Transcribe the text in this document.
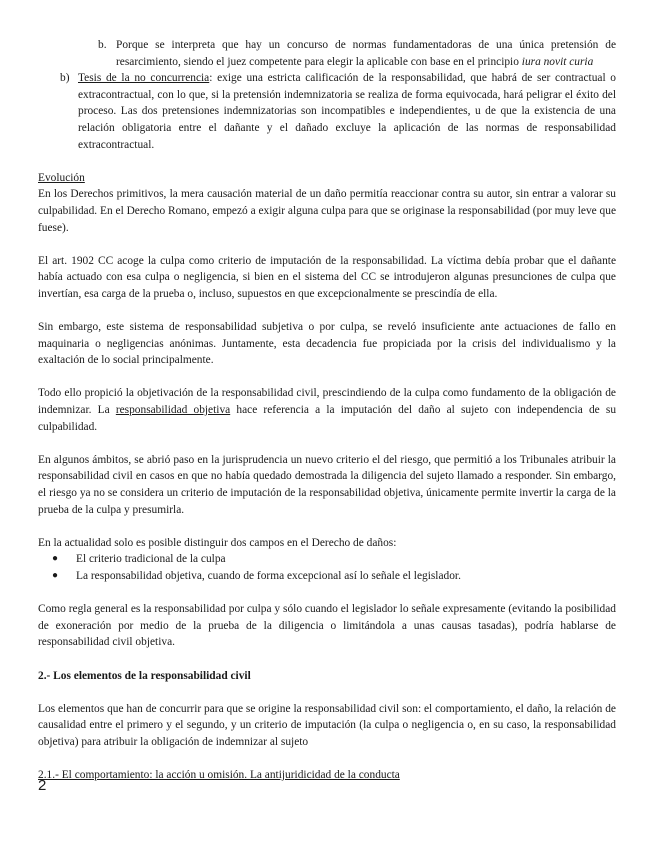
b. Porque se interpreta que hay un concurso de normas fundamentadoras de una única pretensión de resarcimiento, siendo el juez competente para elegir la aplicable con base en el principio iura novit curia

b) Tesis de la no concurrencia: exige una estricta calificación de la responsabilidad, que habrá de ser contractual o extracontractual, con lo que, si la pretensión indemnizatoria se realiza de forma equivocada, hará peligrar el éxito del proceso. Las dos pretensiones indemnizatorias son incompatibles e independientes, u de que la existencia de una relación obligatoria entre el dañante y el dañado excluye la aplicación de las normas de responsabilidad extracontractual.

Evolución

En los Derechos primitivos, la mera causación material de un daño permitía reaccionar contra su autor, sin entrar a valorar su culpabilidad. En el Derecho Romano, empezó a exigir alguna culpa para que se originase la responsabilidad (por muy leve que fuese).

El art. 1902 CC acoge la culpa como criterio de imputación de la responsabilidad. La víctima debía probar que el dañante había actuado con esa culpa o negligencia, si bien en el sistema del CC se introdujeron algunas presunciones de culpa que invertían, esa carga de la prueba o, incluso, supuestos en que excepcionalmente se prescindía de ella.

Sin embargo, este sistema de responsabilidad subjetiva o por culpa, se reveló insuficiente ante actuaciones de fallo en maquinaria o negligencias anónimas. Juntamente, esta decadencia fue propiciada por la crisis del individualismo y la exaltación de lo social principalmente.

Todo ello propició la objetivación de la responsabilidad civil, prescindiendo de la culpa como fundamento de la obligación de indemnizar. La responsabilidad objetiva hace referencia a la imputación del daño al sujeto con independencia de su culpabilidad.

En algunos ámbitos, se abrió paso en la jurisprudencia un nuevo criterio el del riesgo, que permitió a los Tribunales atribuir la responsabilidad civil en casos en que no había quedado demostrada la diligencia del sujeto llamado a responder. Sin embargo, el riesgo ya no se considera un criterio de imputación de la responsabilidad objetiva, únicamente permite invertir la carga de la prueba de la culpa y presumirla.

En la actualidad solo es posible distinguir dos campos en el Derecho de daños:

● El criterio tradicional de la culpa
● La responsabilidad objetiva, cuando de forma excepcional así lo señale el legislador.

Como regla general es la responsabilidad por culpa y sólo cuando el legislador lo señale expresamente (evitando la posibilidad de exoneración por medio de la prueba de la diligencia o limitándola a unas causas tasadas), podría hablarse de responsabilidad civil objetiva.

2.- Los elementos de la responsabilidad civil

Los elementos que han de concurrir para que se origine la responsabilidad civil son: el comportamiento, el daño, la relación de causalidad entre el primero y el segundo, y un criterio de imputación (la culpa o negligencia o, en su caso, la responsabilidad objetiva) para atribuir la obligación de indemnizar al sujeto

2.1.- El comportamiento: la acción u omisión. La antijuridicidad de la conducta

2
